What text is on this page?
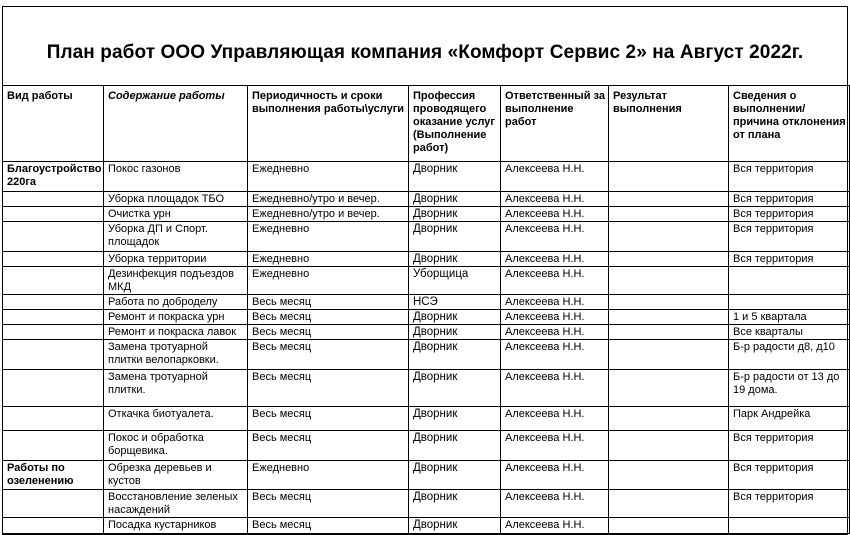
План работ ООО Управляющая компания «Комфорт Сервис 2» на Август 2022г.
Вид работы	Содержание работы	Периодичность и сроки выполнения работы\услуги	Профессия проводящего оказание услуг (Выполнение работ)	Ответственный за выполнение работ	Результат выполнения	Сведения о выполнении/ причина отклонения от плана
Благоустройство 220га	Покос газонов	Ежедневно	Дворник	Алексеева Н.Н.		Вся территория
	Уборка площадок ТБО	Ежедневно/утро и вечер.	Дворник	Алексеева Н.Н.		Вся территория
	Очистка урн	Ежедневно/утро и вечер.	Дворник	Алексеева Н.Н.		Вся территория
	Уборка ДП и Спорт. площадок	Ежедневно	Дворник	Алексеева Н.Н.		Вся территория
	Уборка территории	Ежедневно	Дворник	Алексеева Н.Н.		Вся территория
	Дезинфекция подъездов МКД	Ежедневно	Уборщица	Алексеева Н.Н.		
	Работа по доброделу	Весь месяц	НСЭ	Алексеева Н.Н.		
	Ремонт и покраска урн	Весь месяц	Дворник	Алексеева Н.Н.		1 и 5 квартала
	Ремонт и покраска лавок	Весь месяц	Дворник	Алексеева Н.Н.		Все кварталы
	Замена тротуарной плитки велопарковки.	Весь месяц	Дворник	Алексеева Н.Н.		Б-р радости д8, д10
	Замена тротуарной плитки.	Весь месяц	Дворник	Алексеева Н.Н.		Б-р радости от 13 до 19 дома.
	Откачка биотуалета.	Весь месяц	Дворник	Алексеева Н.Н.		Парк Андрейка
	Покос и обработка борщевика.	Весь месяц	Дворник	Алексеева Н.Н.		Вся территория
Работы по озеленению	Обрезка деревьев и кустов	Ежедневно	Дворник	Алексеева Н.Н.		Вся территория
	Восстановление зеленых насаждений	Весь месяц	Дворник	Алексеева Н.Н.		Вся территория
	Посадка кустарников	Весь месяц	Дворник	Алексеева Н.Н.		
